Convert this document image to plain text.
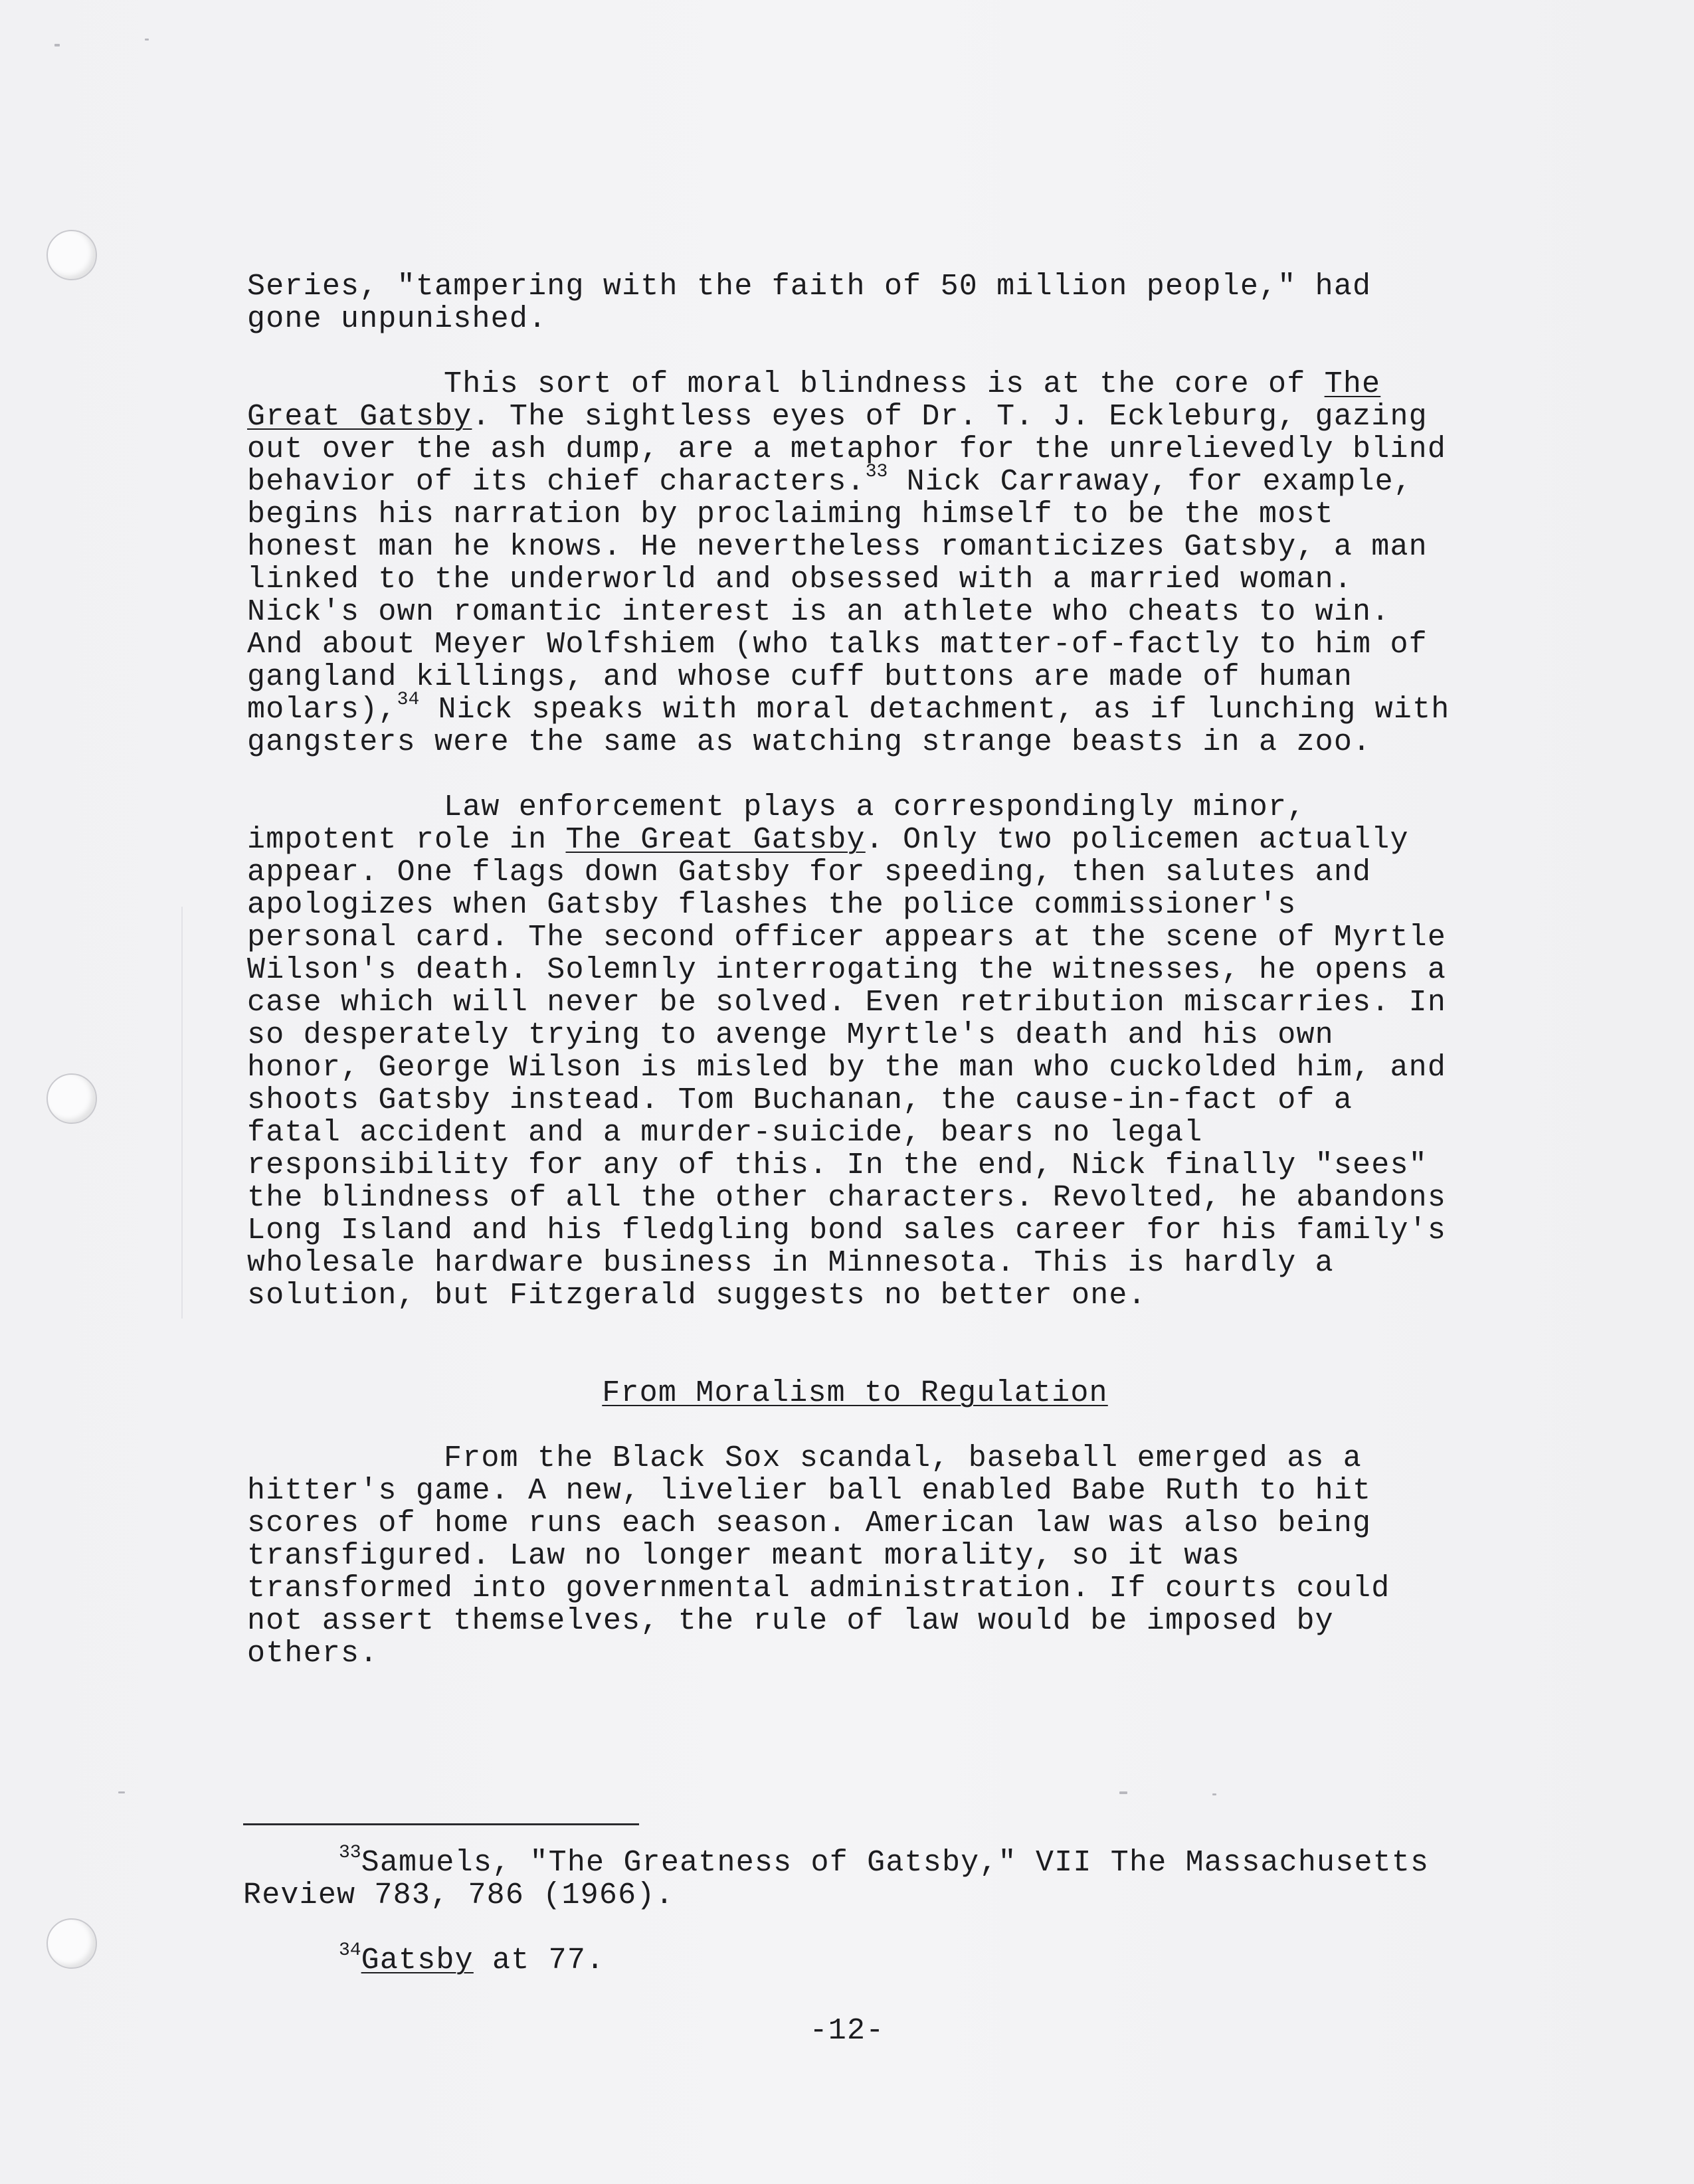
Series, "tampering with the faith of 50 million people," had gone unpunished.

This sort of moral blindness is at the core of The Great Gatsby. The sightless eyes of Dr. T. J. Eckleburg, gazing out over the ash dump, are a metaphor for the unrelievedly blind behavior of its chief characters.$^{33}$ Nick Carraway, for example, begins his narration by proclaiming himself to be the most honest man he knows. He nevertheless romanticizes Gatsby, a man linked to the underworld and obsessed with a married woman. Nick's own romantic interest is an athlete who cheats to win. And about Meyer Wolfshiem (who talks matter-of-factly to him of gangland killings, and whose cuff buttons are made of human molars),$^{34}$ Nick speaks with moral detachment, as if lunching with gangsters were the same as watching strange beasts in a zoo.

Law enforcement plays a correspondingly minor, impotent role in The Great Gatsby. Only two policemen actually appear. One flags down Gatsby for speeding, then salutes and apologizes when Gatsby flashes the police commissioner's personal card. The second officer appears at the scene of Myrtle Wilson's death. Solemnly interrogating the witnesses, he opens a case which will never be solved. Even retribution miscarries. In so desperately trying to avenge Myrtle's death and his own honor, George Wilson is misled by the man who cuckolded him, and shoots Gatsby instead. Tom Buchanan, the cause-in-fact of a fatal accident and a murder-suicide, bears no legal responsibility for any of this. In the end, Nick finally "sees" the blindness of all the other characters. Revolted, he abandons Long Island and his fledgling bond sales career for his family's wholesale hardware business in Minnesota. This is hardly a solution, but Fitzgerald suggests no better one.

From Moralism to Regulation

From the Black Sox scandal, baseball emerged as a hitter's game. A new, livelier ball enabled Babe Ruth to hit scores of home runs each season. American law was also being transfigured. Law no longer meant morality, so it was transformed into governmental administration. If courts could not assert themselves, the rule of law would be imposed by others.

$^{33}$Samuels, "The Greatness of Gatsby," VII The Massachusetts Review 783, 786 (1966).

$^{34}$Gatsby at 77.

-12-
